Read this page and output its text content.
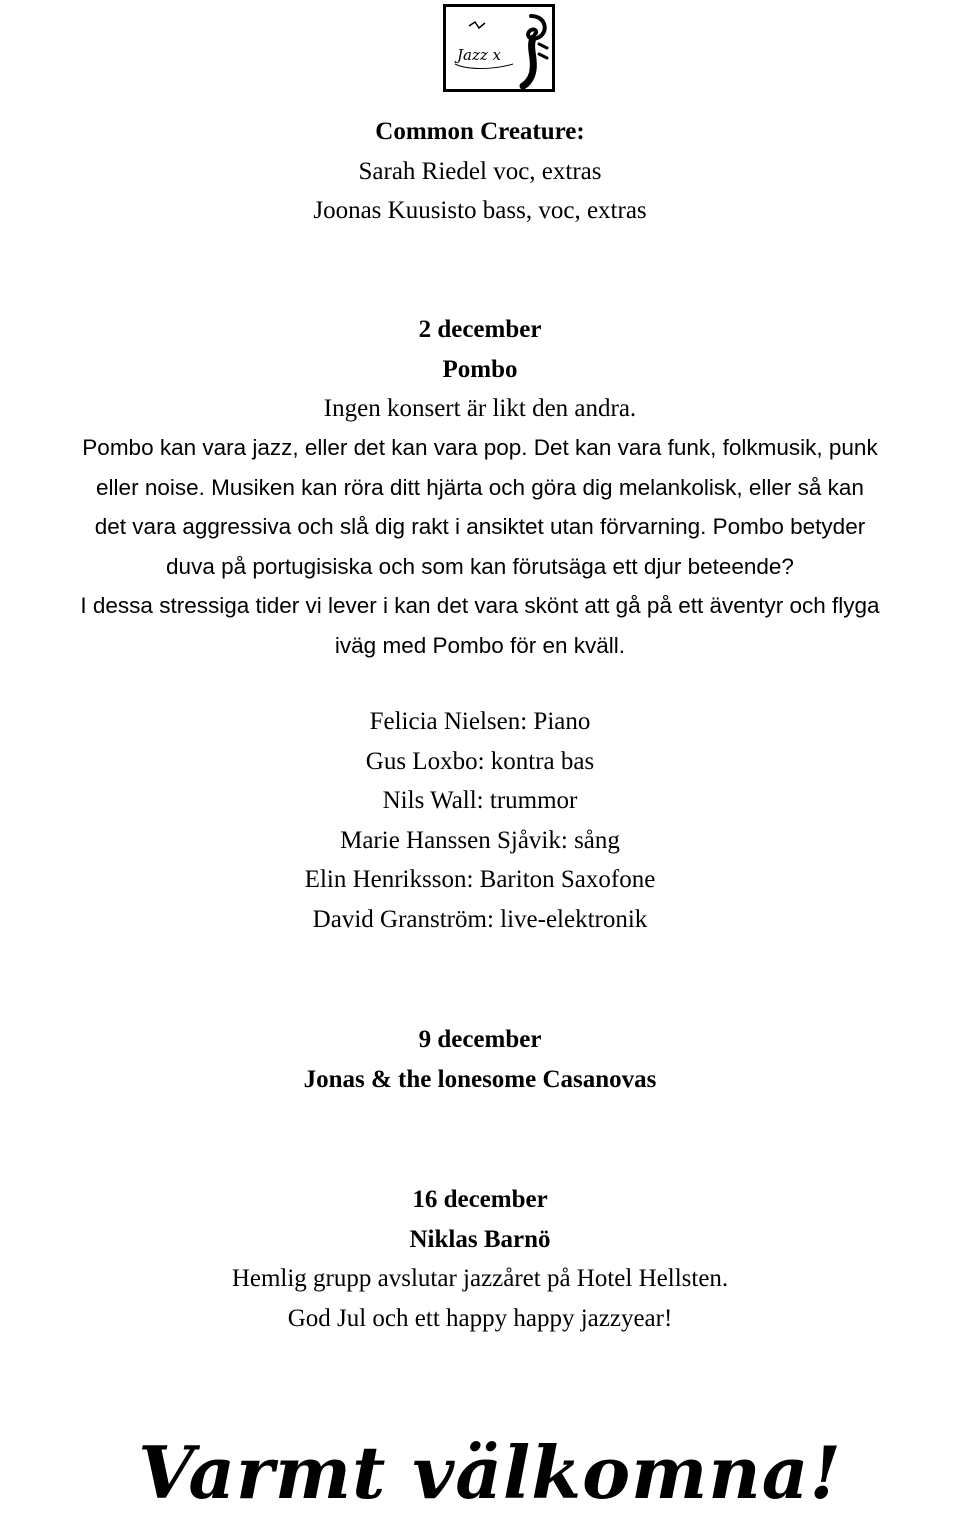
Jazz x
Common Creature:
Sarah Riedel voc, extras
Joonas Kuusisto bass, voc, extras
2 december
Pombo
Ingen konsert är likt den andra.
Pombo kan vara jazz, eller det kan vara pop. Det kan vara funk, folkmusik, punk
eller noise. Musiken kan röra ditt hjärta och göra dig melankolisk, eller så kan
det vara aggressiva och slå dig rakt i ansiktet utan förvarning. Pombo betyder
duva på portugisiska och som kan förutsäga ett djur beteende?
I dessa stressiga tider vi lever i kan det vara skönt att gå på ett äventyr och flyga
iväg med Pombo för en kväll.
Felicia Nielsen: Piano
Gus Loxbo: kontra bas
Nils Wall: trummor
Marie Hanssen Sjåvik: sång
Elin Henriksson: Bariton Saxofone
David Granström: live-elektronik
9 december
Jonas & the lonesome Casanovas
16 december
Niklas Barnö
Hemlig grupp avslutar jazzåret på Hotel Hellsten.
God Jul och ett happy happy jazzyear!
Varmt välkomna!
